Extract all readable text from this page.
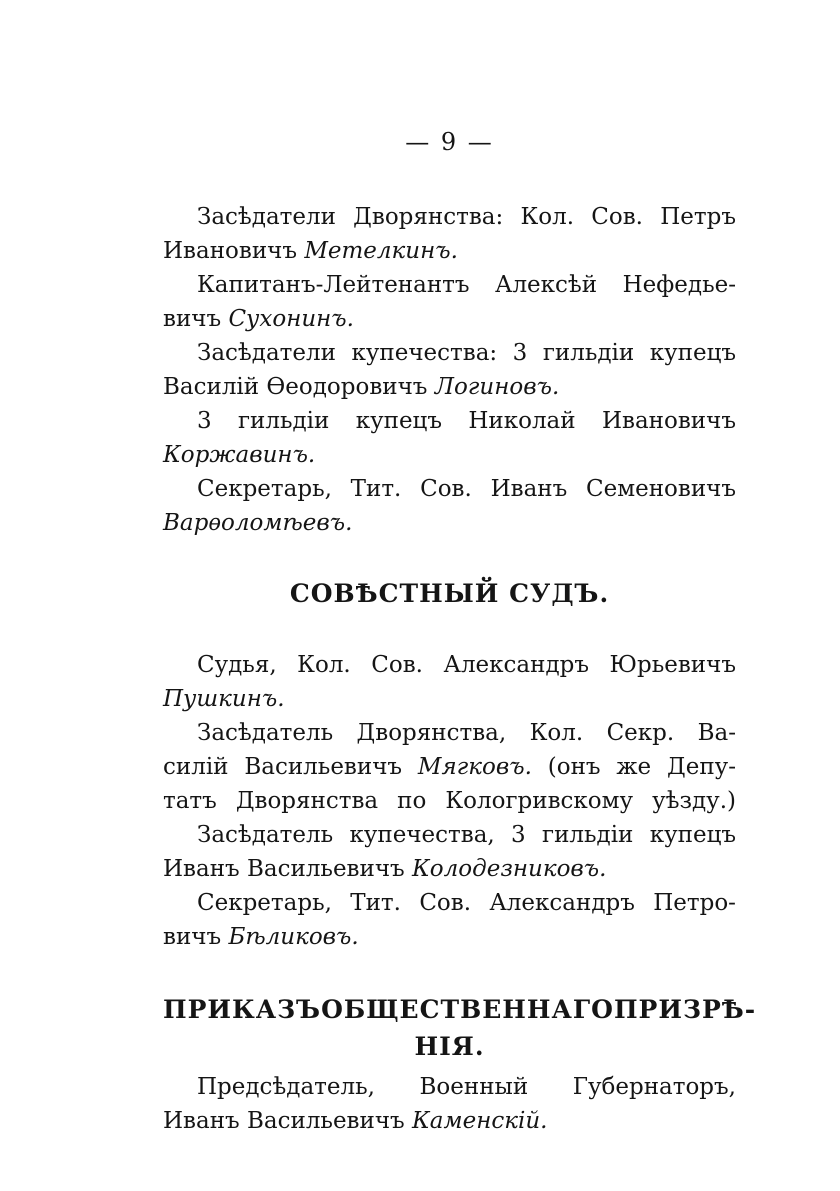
— 9 —
Засѣдатели Дворянства: Кол. Сов. Петръ
Ивановичъ Метелкинъ.
Капитанъ-Лейтенантъ Алексѣй Нефедье-
вичъ Сухонинъ.
Засѣдатели купечества: 3 гильдiи купецъ
Василiй Ѳеодоровичъ Логиновъ.
3 гильдiи купецъ Николай Ивановичъ
Коржавинъ.
Секретарь, Тит. Сов. Иванъ Семеновичъ
Варѳоломѣевъ.
СОВѢСТНЫЙ СУДЪ.
Судья, Кол. Сов. Александръ Юрьевичъ
Пушкинъ.
Засѣдатель Дворянства, Кол. Секр. Ва-
силiй Васильевичъ Мягковъ. (онъ же Депу-
татъ Дворянства по Кологривскому уѣзду.)
Засѣдатель купечества, 3 гильдiи купецъ
Иванъ Васильевичъ Колодезниковъ.
Секретарь, Тит. Сов. Александръ Петро-
вичъ Бѣликовъ.
ПРИКАЗЪ ОБЩЕСТВЕННАГО ПРИЗРѢ-
НIЯ.
Предсѣдатель, Военный Губернаторъ,
Иванъ Васильевичъ Каменскiй.
